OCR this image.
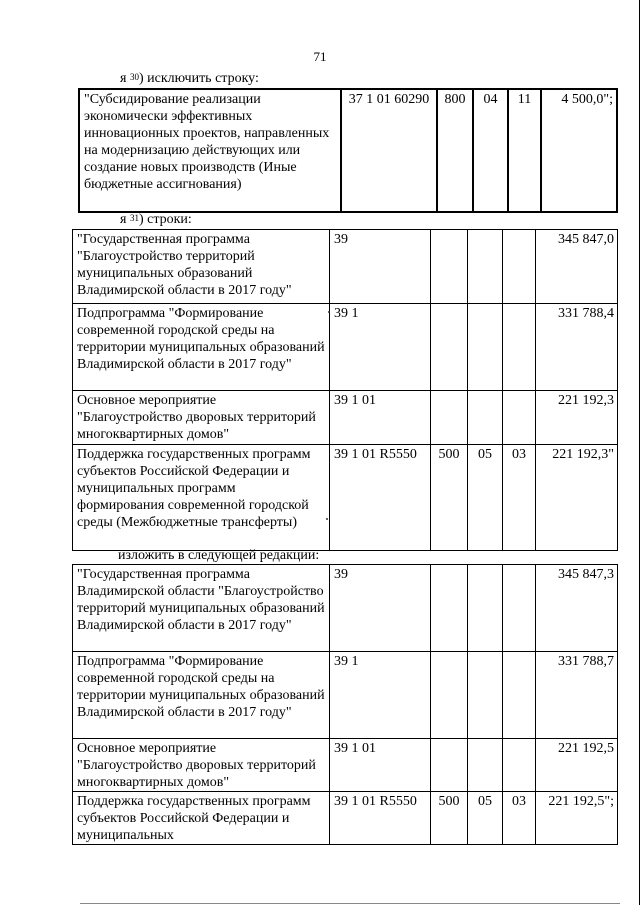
71
я $^{30}$) исключить строку:
"Субсидирование реализации экономически эффективных инновационных проектов, направленных на модернизацию действующих или создание новых производств (Иные бюджетные ассигнования)	37 1 01 60290	800	04	11	4 500,0";
я $^{31}$) строки:
"Государственная программа "Благоустройство территорий муниципальных образований Владимирской области в 2017 году"	39				345 847,0
Подпрограмма "Формирование современной городской среды на территории муниципальных образований Владимирской области в 2017 году"	39 1				331 788,4
Основное мероприятие "Благоустройство дворовых территорий многоквартирных домов"	39 1 01				221 192,3
Поддержка государственных программ субъектов Российской Федерации и муниципальных программ формирования современной городской среды (Межбюджетные трансферты)	39 1 01 R5550	500	05	03	221 192,3"
изложить в следующей редакции:
"Государственная программа Владимирской области "Благоустройство территорий муниципальных образований Владимирской области в 2017 году"	39				345 847,3
Подпрограмма "Формирование современной городской среды на территории муниципальных образований Владимирской области в 2017 году"	39 1				331 788,7
Основное мероприятие "Благоустройство дворовых территорий многоквартирных домов"	39 1 01				221 192,5
Поддержка государственных программ субъектов Российской Федерации и муниципальных	39 1 01 R5550	500	05	03	221 192,5";
